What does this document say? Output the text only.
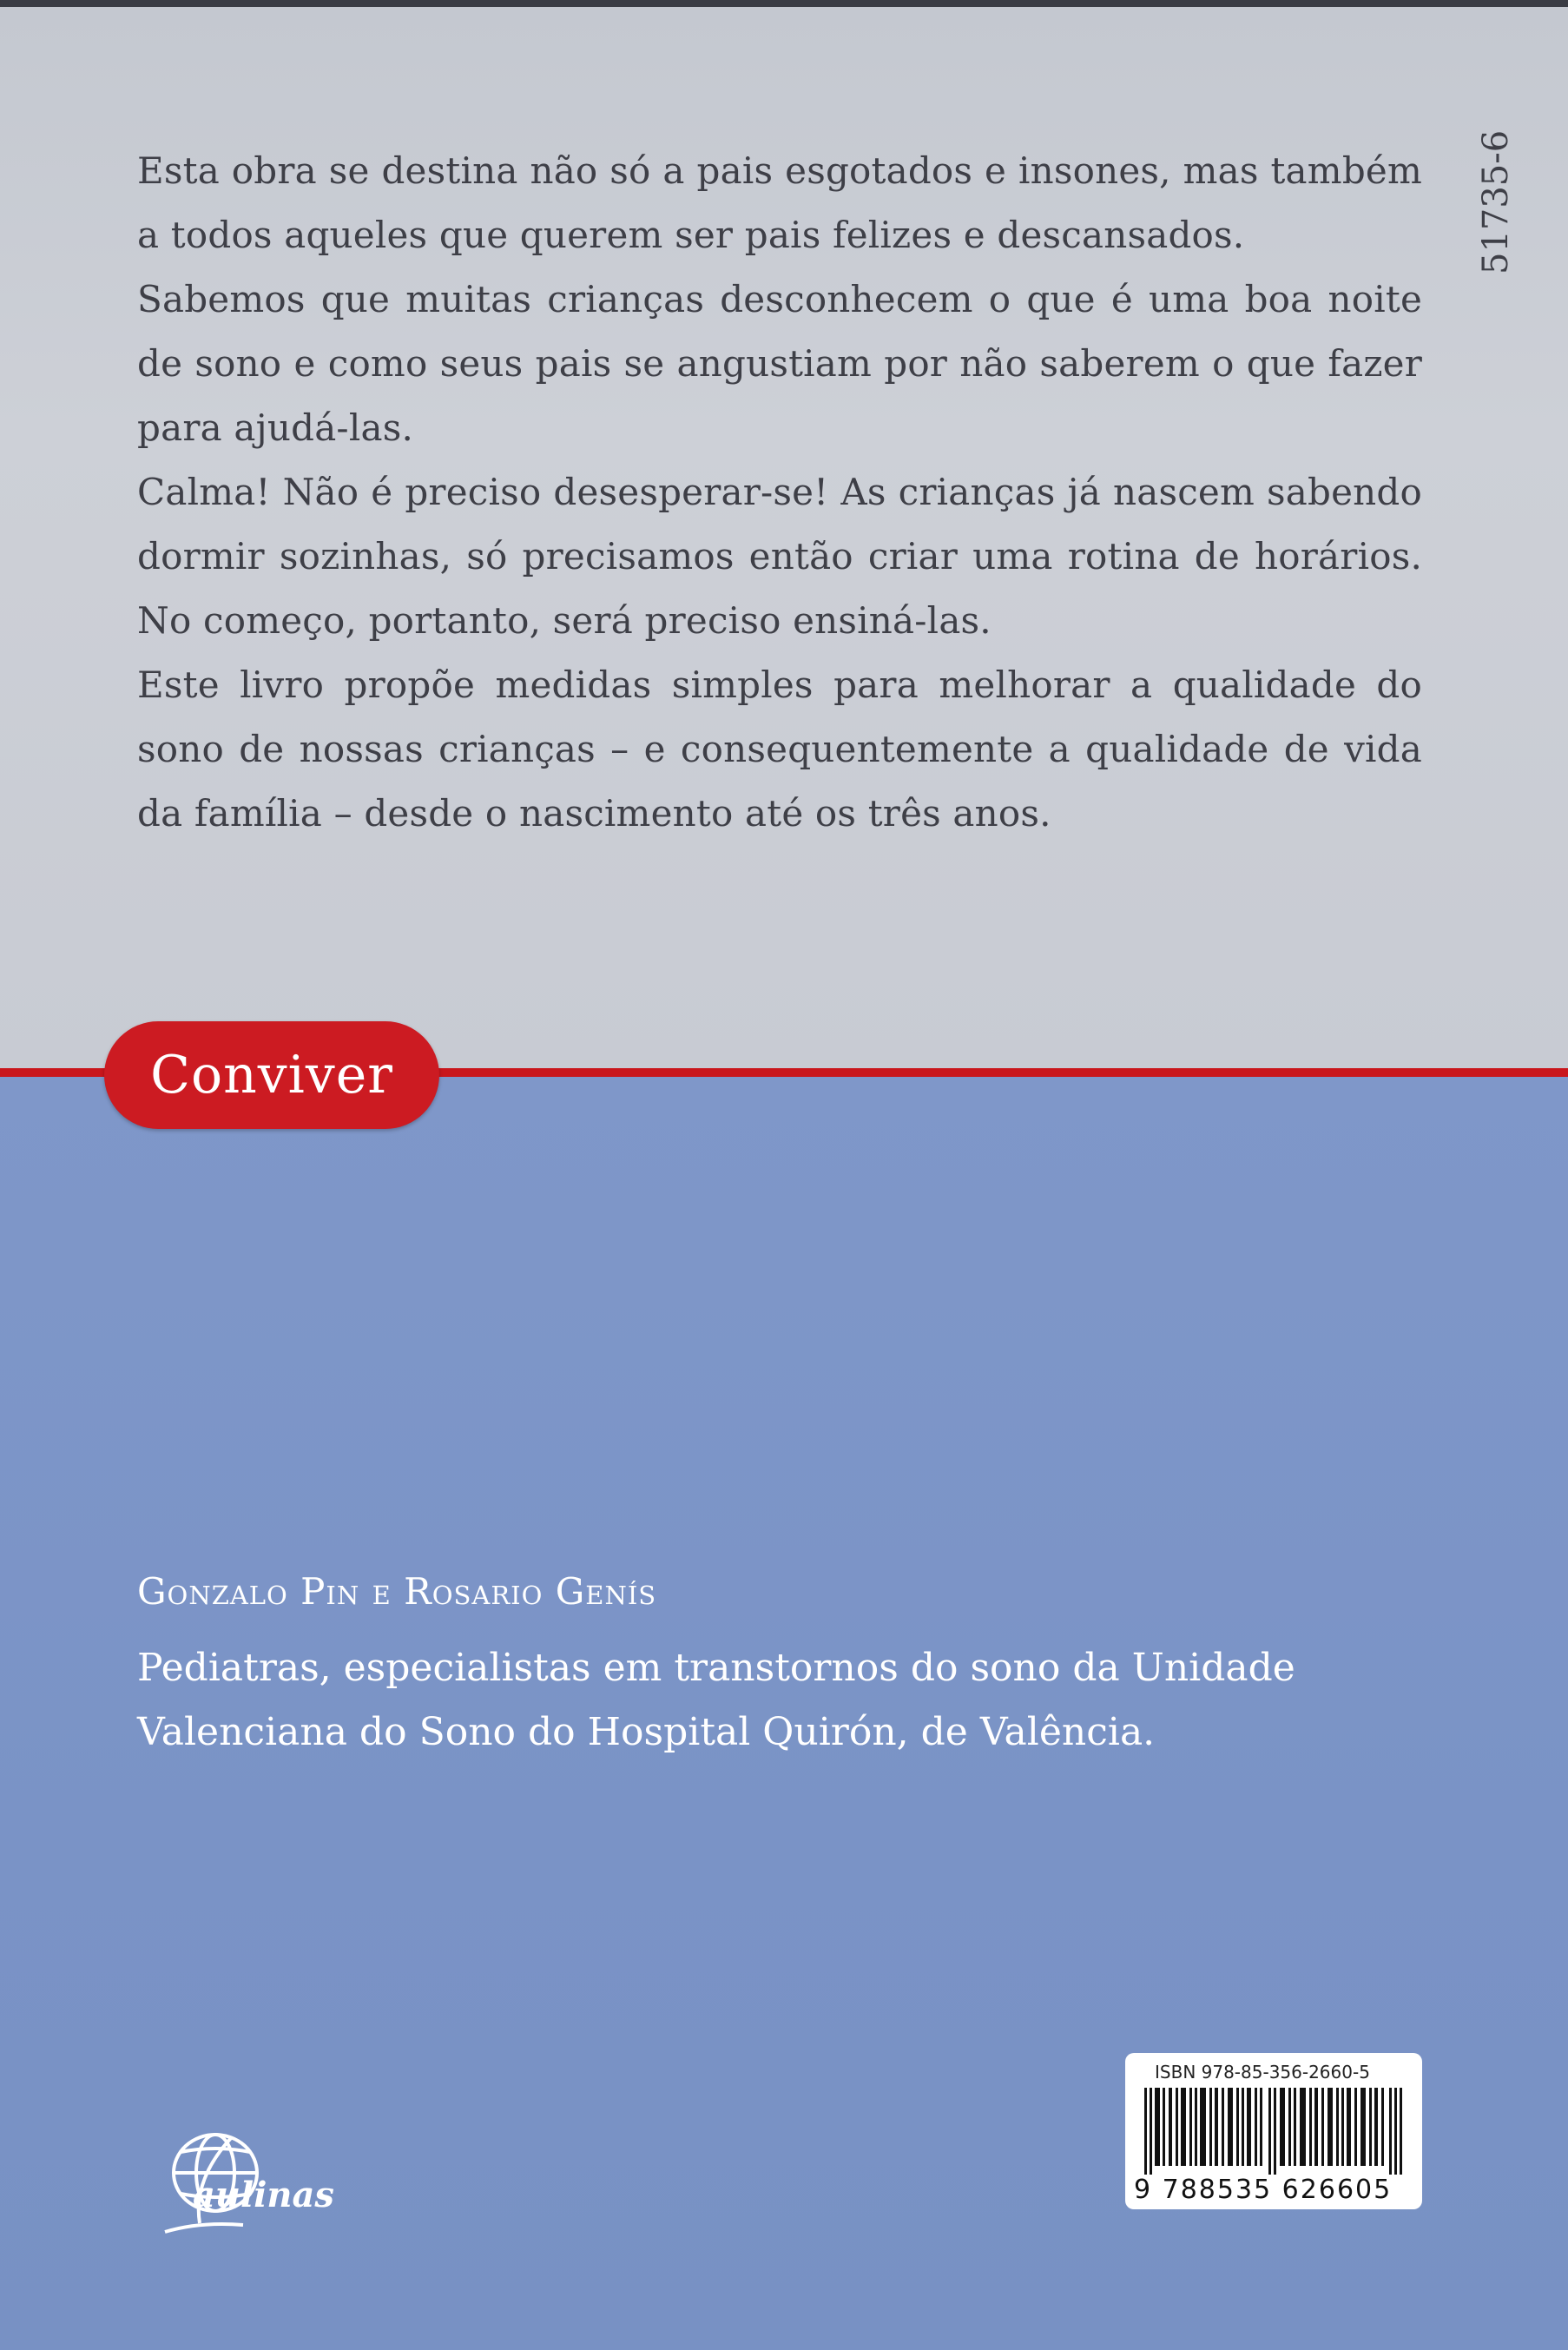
Esta obra se destina não só a pais esgotados e insones, mas também a todos aqueles que querem ser pais felizes e descansados.

Sabemos que muitas crianças desconhecem o que é uma boa noite de sono e como seus pais se angustiam por não saberem o que fazer para ajudá-las.

Calma! Não é preciso desesperar-se! As crianças já nascem sabendo dormir sozinhas, só precisamos então criar uma rotina de horários. No começo, portanto, será preciso ensiná-las.

Este livro propõe medidas simples para melhorar a qualidade do sono de nossas crianças – e consequentemente a qualidade de vida da família – desde o nascimento até os três anos.

51735-6
Conviver
Gonzalo Pin e Rosario Genís
Pediatras, especialistas em transtornos do sono da Unidade Valenciana do Sono do Hospital Quirón, de Valência.
ISBN 978-85-356-2660-5
9 788535 626605
aulinas
